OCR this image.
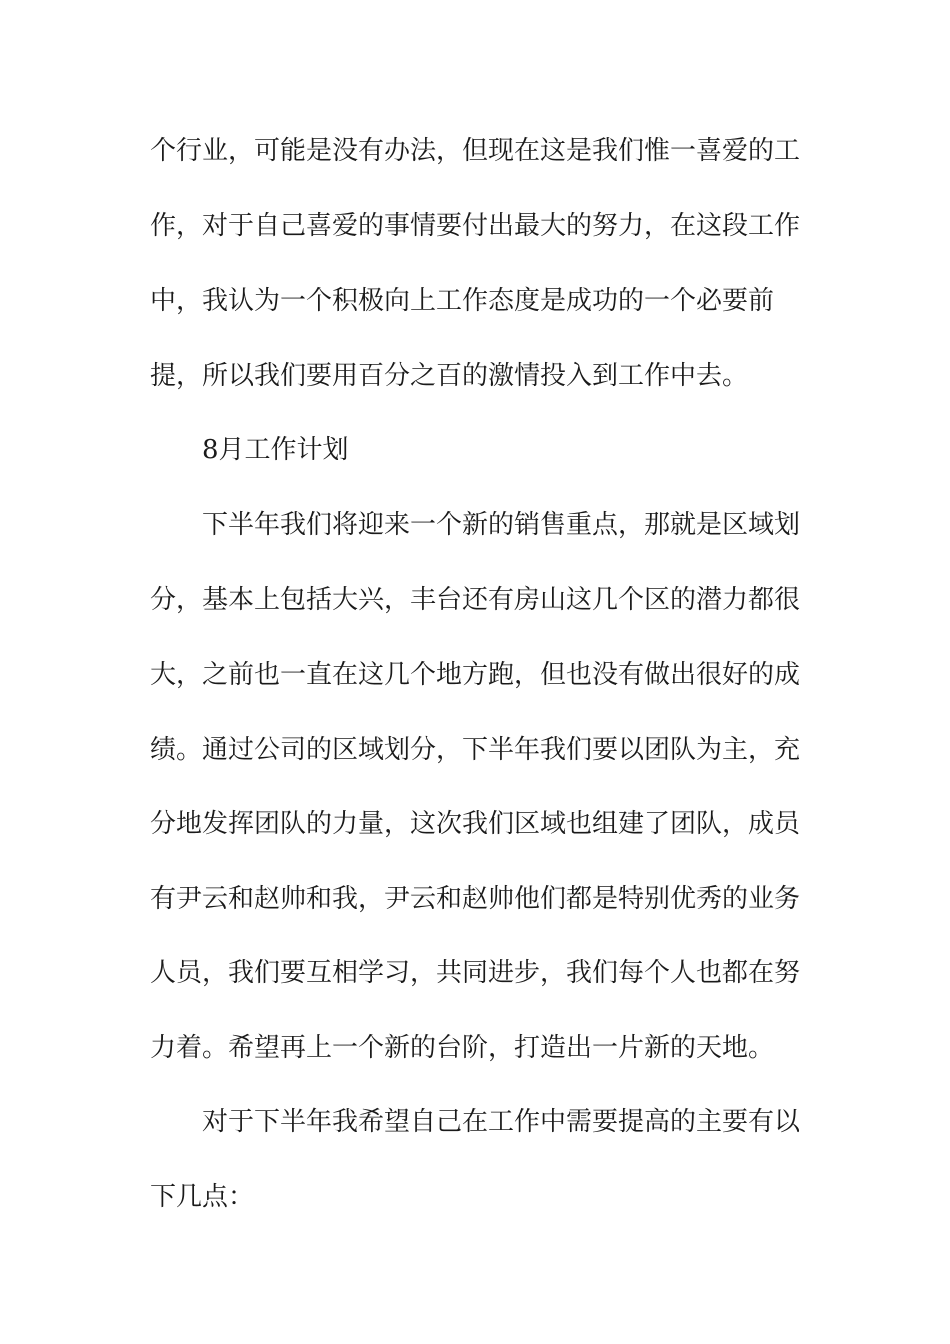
个行业，可能是没有办法，但现在这是我们惟一喜爱的工
作，对于自己喜爱的事情要付出最大的努力，在这段工作
中，我认为一个积极向上工作态度是成功的一个必要前
提，所以我们要用百分之百的激情投入到工作中去。
8月工作计划
下半年我们将迎来一个新的销售重点，那就是区域划
分，基本上包括大兴，丰台还有房山这几个区的潜力都很
大，之前也一直在这几个地方跑，但也没有做出很好的成
绩。通过公司的区域划分，下半年我们要以团队为主，充
分地发挥团队的力量，这次我们区域也组建了团队，成员
有尹云和赵帅和我，尹云和赵帅他们都是特别优秀的业务
人员，我们要互相学习，共同进步，我们每个人也都在努
力着。希望再上一个新的台阶，打造出一片新的天地。
对于下半年我希望自己在工作中需要提高的主要有以
下几点：
